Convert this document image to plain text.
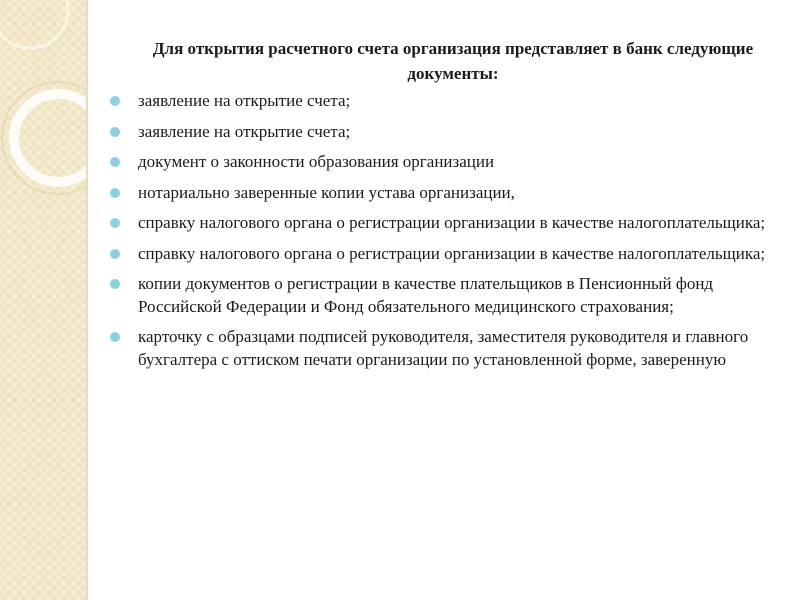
Для открытия расчетного счета организация представляет в банк следующие документы:
заявление на открытие счета;
заявление на открытие счета;
документ о законности образования организации
нотариально заверенные копии устава организации,
справку налогового органа о регистрации организации в качестве налогоплательщика;
справку налогового органа о регистрации организации в качестве налогоплательщика;
копии документов о регистрации в качестве плательщиков в Пенсионный фонд Российской Федерации и Фонд обязательного медицинского страхования;
карточку с образцами подписей руководителя, заместителя руководителя и главного бухгалтера с оттиском печати организации по установленной форме, заверенную
